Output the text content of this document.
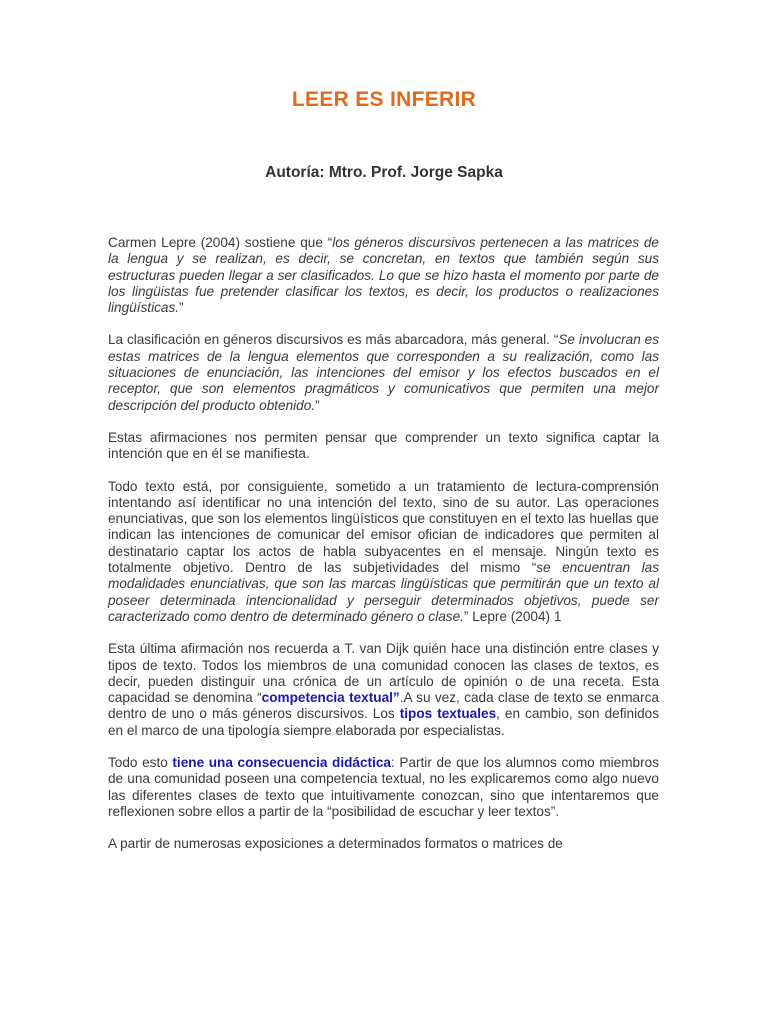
LEER ES INFERIR
Autoría: Mtro. Prof. Jorge Sapka

Carmen Lepre (2004) sostiene que “los géneros discursivos pertenecen a las matrices de la lengua y se realizan, es decir, se concretan, en textos que también según sus estructuras pueden llegar a ser clasificados. Lo que se hizo hasta el momento por parte de los lingüistas fue pretender clasificar los textos, es decir, los productos o realizaciones lingüísticas.”

La clasificación en géneros discursivos es más abarcadora, más general. “Se involucran es estas matrices de la lengua elementos que corresponden a su realización, como las situaciones de enunciación, las intenciones del emisor y los efectos buscados en el receptor, que son elementos pragmáticos y comunicativos que permiten una mejor descripción del producto obtenido.”

Estas afirmaciones nos permiten pensar que comprender un texto significa captar la intención que en él se manifiesta.

Todo texto está, por consiguiente, sometido a un tratamiento de lectura-comprensión intentando así identificar no una intención del texto, sino de su autor. Las operaciones enunciativas, que son los elementos lingüísticos que constituyen en el texto las huellas que indican las intenciones de comunicar del emisor ofician de indicadores que permiten al destinatario captar los actos de habla subyacentes en el mensaje. Ningún texto es totalmente objetivo. Dentro de las subjetividades del mismo “se encuentran las modalidades enunciativas, que son las marcas lingüísticas que permitirán que un texto al poseer determinada intencionalidad y perseguir determinados objetivos, puede ser caracterizado como dentro de determinado género o clase.” Lepre (2004) 1

Esta última afirmación nos recuerda a T. van Dijk quién hace una distinción entre clases y tipos de texto. Todos los miembros de una comunidad conocen las clases de textos, es decir, pueden distinguir una crónica de un artículo de opinión o de una receta. Esta capacidad se denomina “competencia textual”.A su vez, cada clase de texto se enmarca dentro de uno o más géneros discursivos. Los tipos textuales, en cambio, son definidos en el marco de una tipología siempre elaborada por especialistas.

Todo esto tiene una consecuencia didáctica: Partir de que los alumnos como miembros de una comunidad poseen una competencia textual, no les explicaremos como algo nuevo las diferentes clases de texto que intuitivamente conozcan, sino que intentaremos que reflexionen sobre ellos a partir de la “posibilidad de escuchar y leer textos”.

A partir de numerosas exposiciones a determinados formatos o matrices de
